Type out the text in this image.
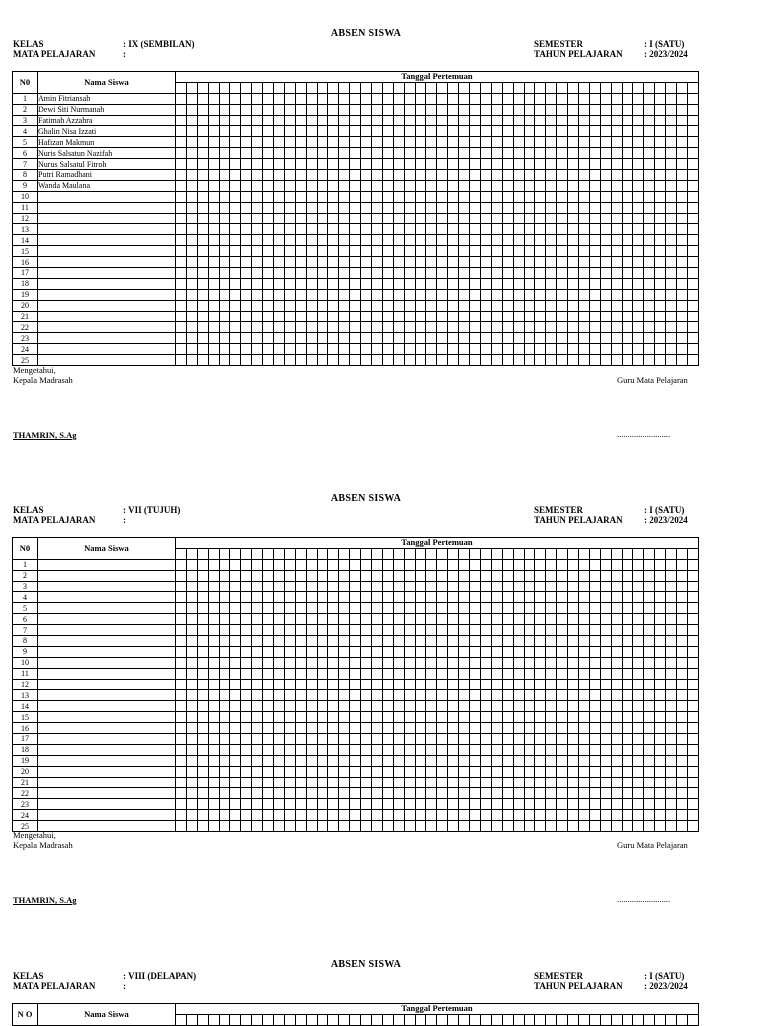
ABSEN SISWA
KELAS	: IX (SEMBILAN)
MATA PELAJARAN	:
SEMESTER	: I (SATU)
TAHUN PELAJARAN : 2023/2024
N0	Nama Siswa	Tanggal Pertemuan																																															

1	Amin Fitriansah																																																
2	Dewi Siti Nurmanah																																																
3	Fatimah Azzahra																																																
4	Ghalin Nisa Izzati																																																
5	Hafizan Makmun																																																
6	Nuris Salsatun Nazifah																																																
7	Nurus Salsatul Fitroh																																																
8	Putri Ramadhani																																																
9	Wanda Maulana																																																
10																																																	
11																																																	
12																																																	
13																																																	
14																																																	
15																																																	
16																																																	
17																																																	
18																																																	
19																																																	
20																																																	
21																																																	
22																																																	
23																																																	
24																																																	
25																																																	
Mengetahui,
Kepala Madrasah	Guru Mata Pelajaran
THAMRIN, S.Ag	.........................
ABSEN SISWA
KELAS	: VII (TUJUH)
MATA PELAJARAN	:
SEMESTER	: I (SATU)
TAHUN PELAJARAN : 2023/2024
N0	Nama Siswa	Tanggal Pertemuan																																															

1																																																	
2																																																	
3																																																	
4																																																	
5																																																	
6																																																	
7																																																	
8																																																	
9																																																	
10																																																	
11																																																	
12																																																	
13																																																	
14																																																	
15																																																	
16																																																	
17																																																	
18																																																	
19																																																	
20																																																	
21																																																	
22																																																	
23																																																	
24																																																	
25																																																	
Mengetahui,
Kepala Madrasah	Guru Mata Pelajaran
THAMRIN, S.Ag	.........................
ABSEN SISWA
KELAS	: VIII (DELAPAN)
MATA PELAJARAN	:
SEMESTER	: I (SATU)
TAHUN PELAJARAN : 2023/2024
N O	Nama Siswa	Tanggal Pertemuan																																															
